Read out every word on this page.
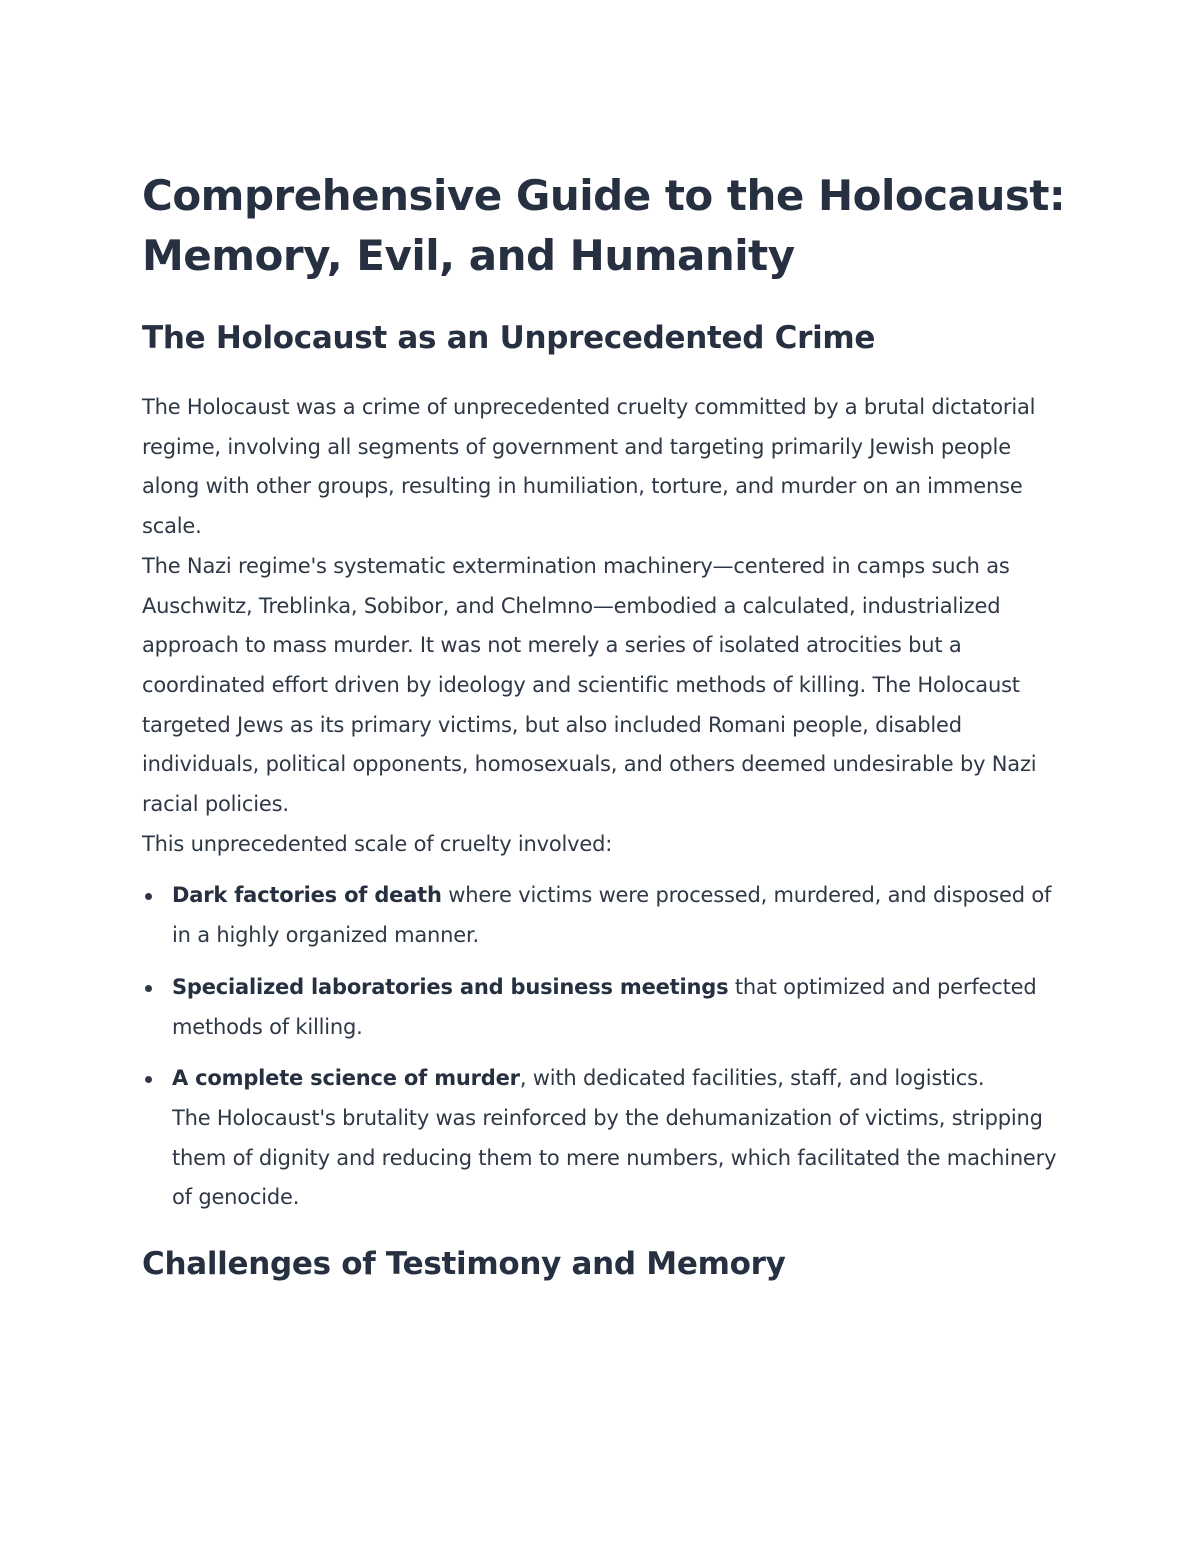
Comprehensive Guide to the Holocaust: Memory, Evil, and Humanity
The Holocaust as an Unprecedented Crime

The Holocaust was a crime of unprecedented cruelty committed by a brutal dictatorial regime, involving all segments of government and targeting primarily Jewish people along with other groups, resulting in humiliation, torture, and murder on an immense scale.

The Nazi regime's systematic extermination machinery—centered in camps such as Auschwitz, Treblinka, Sobibor, and Chelmno—embodied a calculated, industrialized approach to mass murder. It was not merely a series of isolated atrocities but a coordinated effort driven by ideology and scientific methods of killing. The Holocaust targeted Jews as its primary victims, but also included Romani people, disabled individuals, political opponents, homosexuals, and others deemed undesirable by Nazi racial policies.

This unprecedented scale of cruelty involved:

Dark factories of death where victims were processed, murdered, and disposed of in a highly organized manner.
Specialized laboratories and business meetings that optimized and perfected methods of killing.
A complete science of murder, with dedicated facilities, staff, and logistics.
The Holocaust's brutality was reinforced by the dehumanization of victims, stripping them of dignity and reducing them to mere numbers, which facilitated the machinery of genocide.
Challenges of Testimony and Memory
